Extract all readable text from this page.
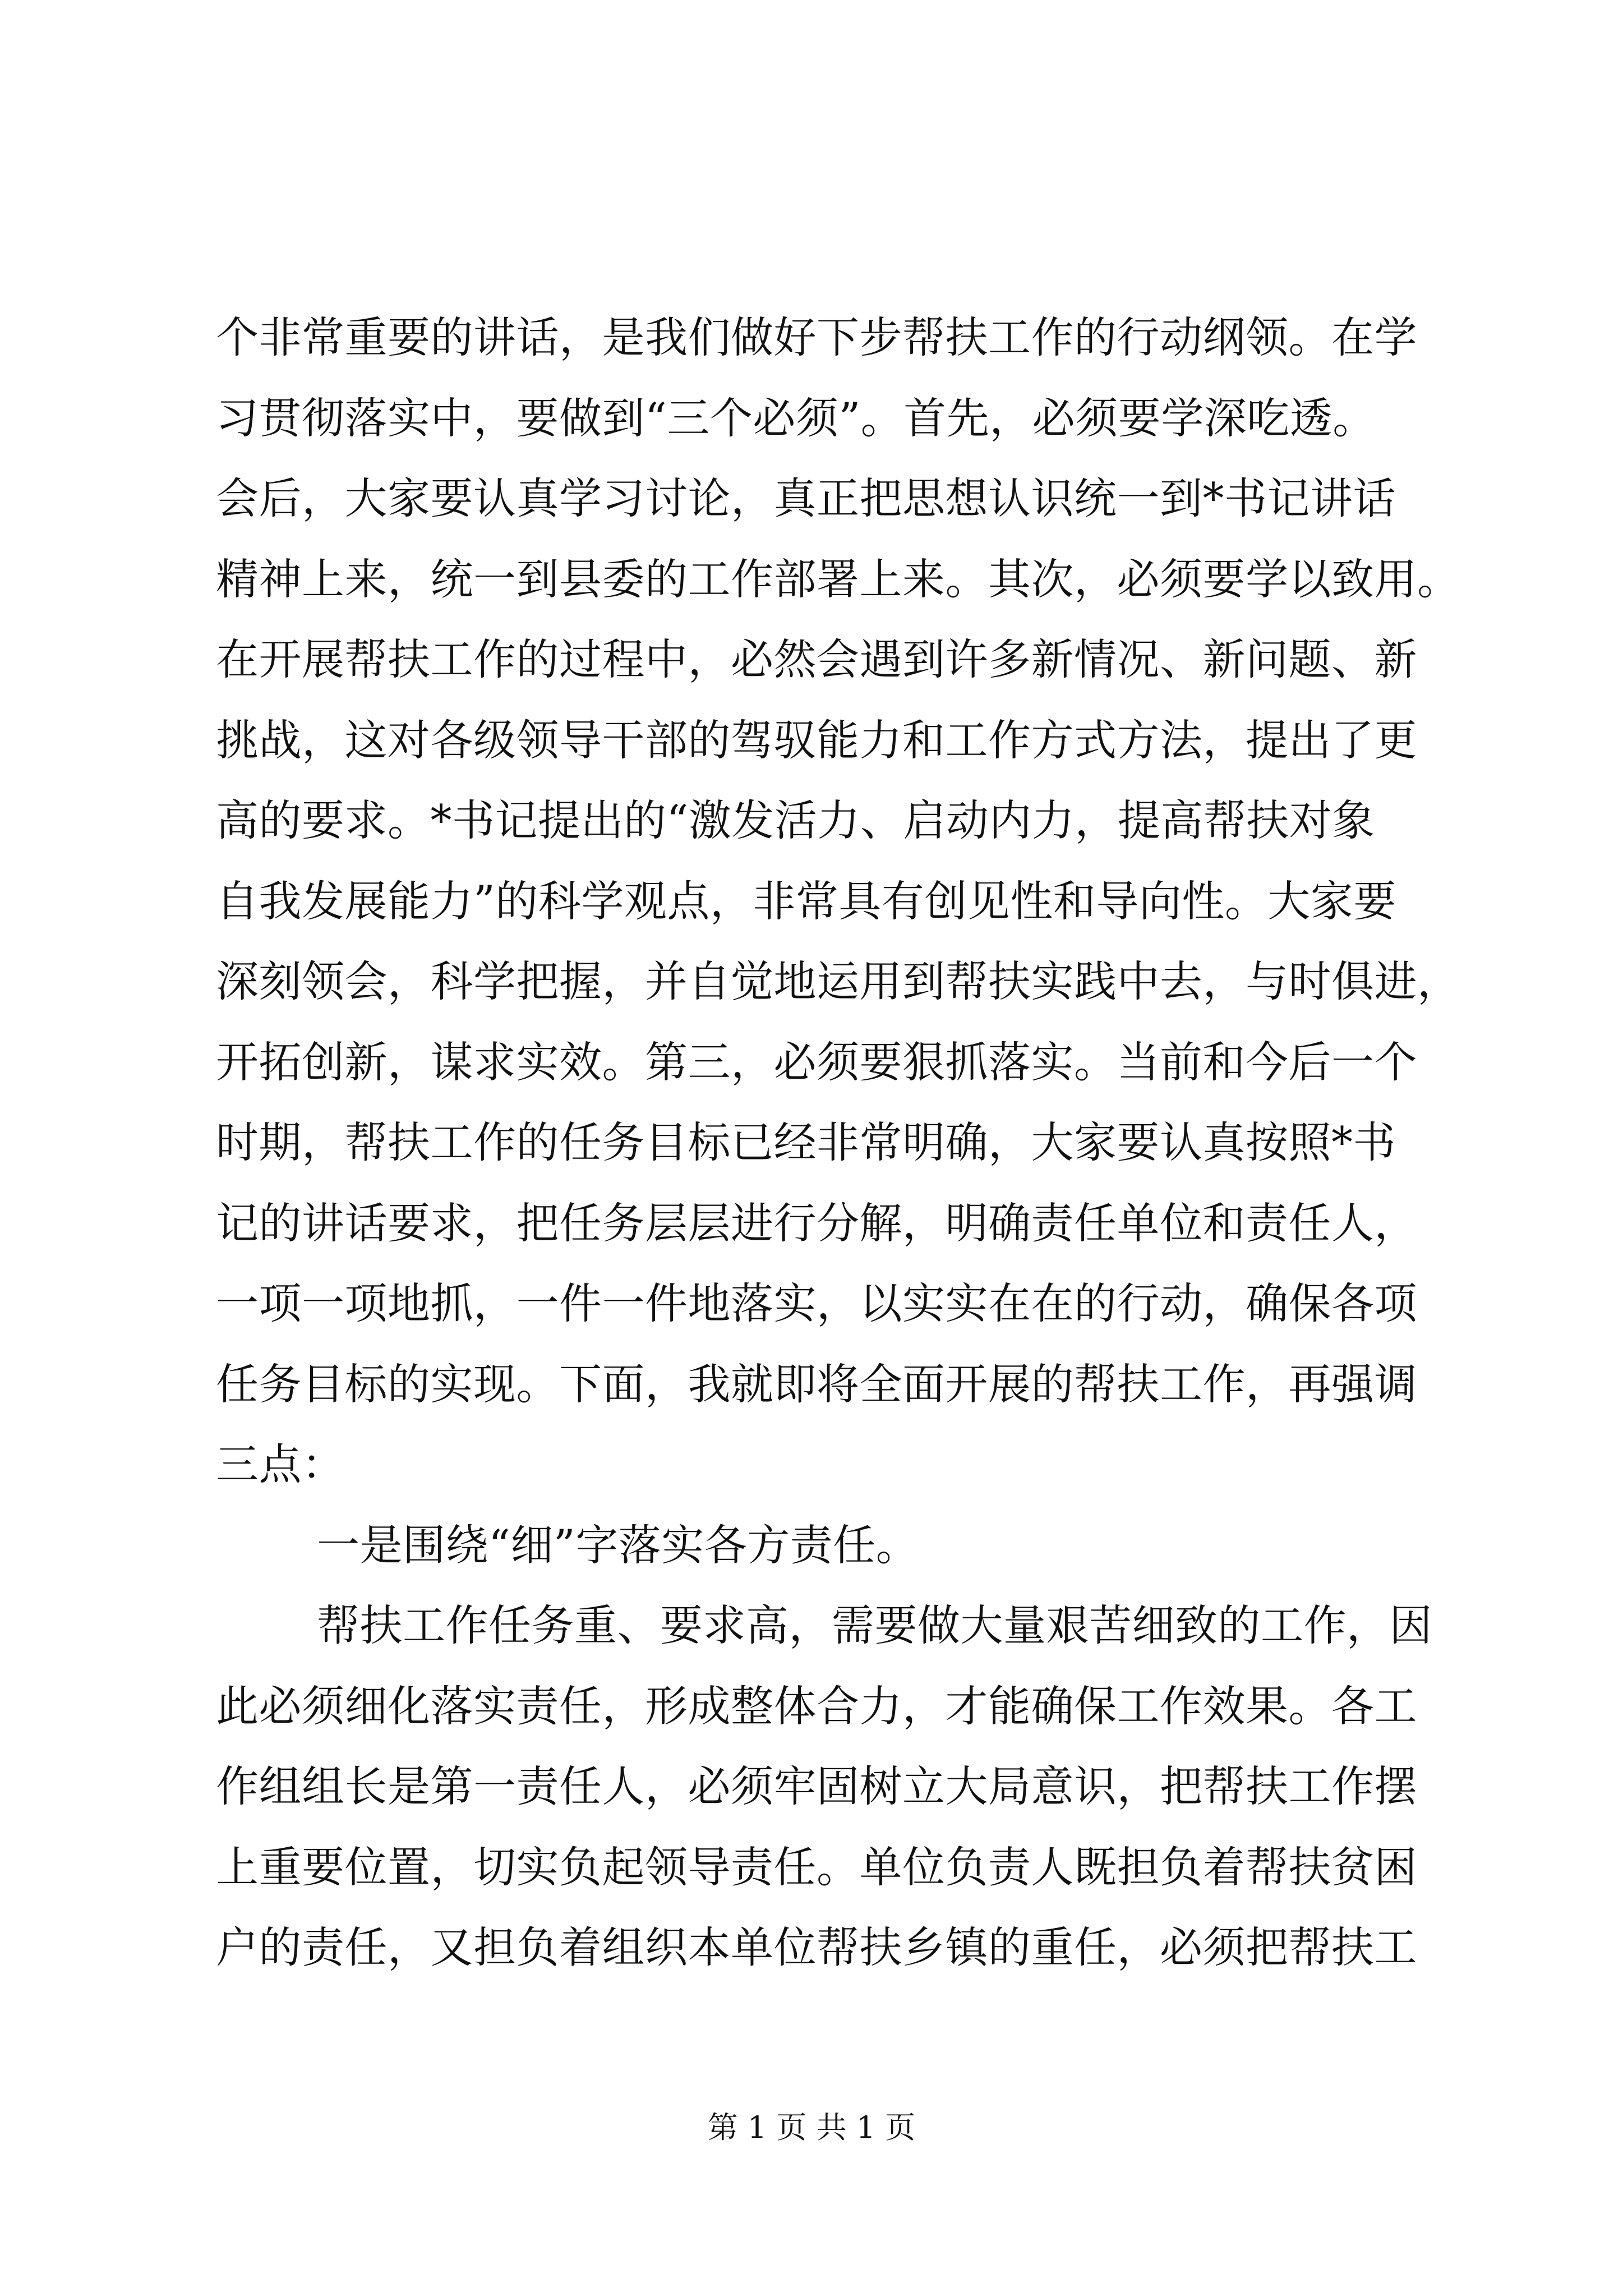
个非常重要的讲话，是我们做好下步帮扶工作的行动纲领。在学
习贯彻落实中，要做到“三个必须”。首先，必须要学深吃透。
会后，大家要认真学习讨论，真正把思想认识统一到*书记讲话
精神上来，统一到县委的工作部署上来。其次，必须要学以致用。
在开展帮扶工作的过程中，必然会遇到许多新情况、新问题、新
挑战，这对各级领导干部的驾驭能力和工作方式方法，提出了更
高的要求。*书记提出的“激发活力、启动内力，提高帮扶对象
自我发展能力”的科学观点，非常具有创见性和导向性。大家要
深刻领会，科学把握，并自觉地运用到帮扶实践中去，与时俱进，
开拓创新，谋求实效。第三，必须要狠抓落实。当前和今后一个
时期，帮扶工作的任务目标已经非常明确，大家要认真按照*书
记的讲话要求，把任务层层进行分解，明确责任单位和责任人，
一项一项地抓，一件一件地落实，以实实在在的行动，确保各项
任务目标的实现。下面，我就即将全面开展的帮扶工作，再强调
三点：
一是围绕“细”字落实各方责任。
帮扶工作任务重、要求高，需要做大量艰苦细致的工作，因
此必须细化落实责任，形成整体合力，才能确保工作效果。各工
作组组长是第一责任人，必须牢固树立大局意识，把帮扶工作摆
上重要位置，切实负起领导责任。单位负责人既担负着帮扶贫困
户的责任，又担负着组织本单位帮扶乡镇的重任，必须把帮扶工
第 1 页 共 1 页
